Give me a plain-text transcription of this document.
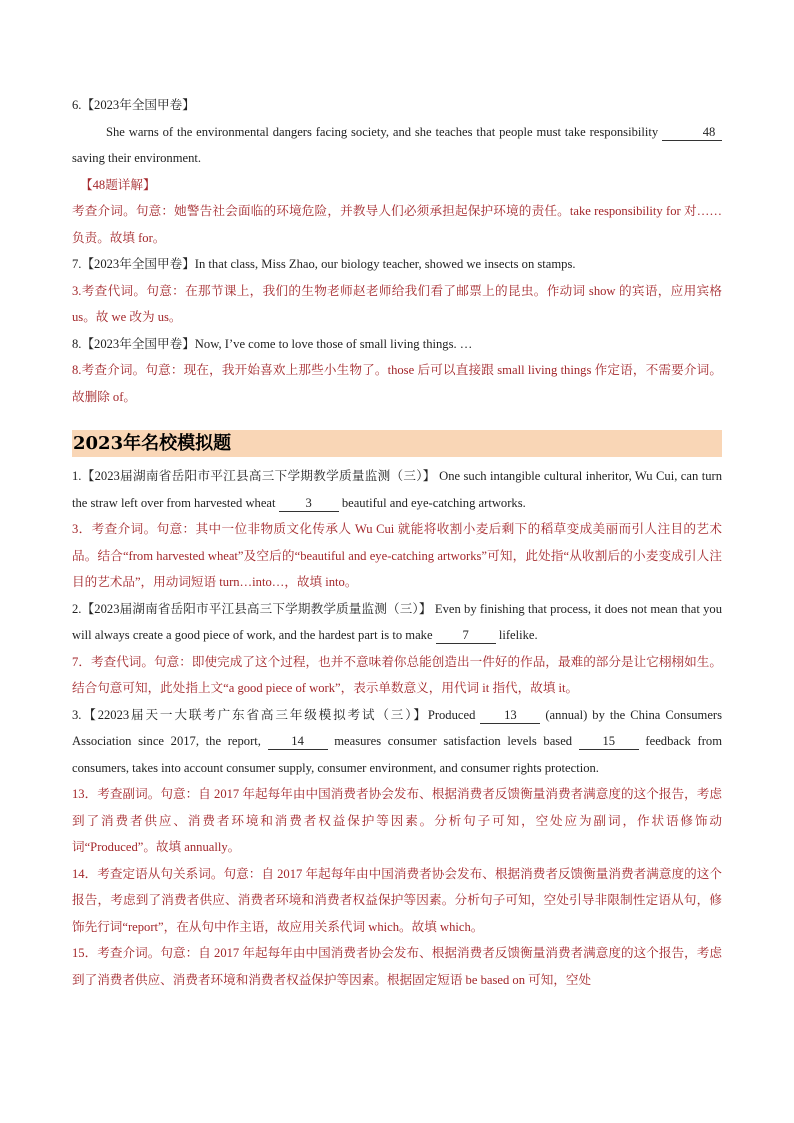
6.【2023年全国甲卷】

She warns of the environmental dangers facing society, and she teaches that people must take responsibility	48 saving their environment.

【48题详解】

考查介词。句意：她警告社会面临的环境危险，并教导人们必须承担起保护环境的责任。take responsibility for 对……负责。故填 for。

7.【2023年全国甲卷】In that class, Miss Zhao, our biology teacher, showed we insects on stamps.

3.考查代词。句意：在那节课上，我们的生物老师赵老师给我们看了邮票上的昆虫。作动词 show 的宾语，应用宾格 us。故 we 改为 us。

8.【2023年全国甲卷】Now, I’ve come to love those of small living things. …

8.考查介词。句意：现在，我开始喜欢上那些小生物了。those 后可以直接跟 small living things 作定语，不需要介词。故删除 of。

2023年名校模拟题

1.【2023届湖南省岳阳市平江县高三下学期教学质量监测（三）】 One such intangible cultural inheritor, Wu Cui, can turn the straw left over from harvested wheat 3 beautiful and eye-catching artworks.

3．考查介词。句意：其中一位非物质文化传承人 Wu Cui 就能将收割小麦后剩下的稻草变成美丽而引人注目的艺术品。结合“from harvested wheat”及空后的“beautiful and eye-catching artworks”可知，此处指“从收割后的小麦变成引人注目的艺术品”，用动词短语 turn…into…，故填 into。

2.【2023届湖南省岳阳市平江县高三下学期教学质量监测（三）】 Even by finishing that process, it does not mean that you will always create a good piece of work, and the hardest part is to make 7 lifelike.

7．考查代词。句意：即使完成了这个过程，也并不意味着你总能创造出一件好的作品，最难的部分是让它栩栩如生。结合句意可知，此处指上文“a good piece of work”，表示单数意义，用代词 it 指代，故填 it。

3.【22023届天一大联考广东省高三年级模拟考试（三）】Produced 13 (annual) by the China Consumers Association since 2017, the report, 14 measures consumer satisfaction levels based 15 feedback from consumers, takes into account consumer supply, consumer environment, and consumer rights protection.

13．考查副词。句意：自 2017 年起每年由中国消费者协会发布、根据消费者反馈衡量消费者满意度的这个报告，考虑到了消费者供应、消费者环境和消费者权益保护等因素。分析句子可知，空处应为副词，作状语修饰动词“Produced”。故填 annually。

14．考查定语从句关系词。句意：自 2017 年起每年由中国消费者协会发布、根据消费者反馈衡量消费者满意度的这个报告，考虑到了消费者供应、消费者环境和消费者权益保护等因素。分析句子可知，空处引导非限制性定语从句，修饰先行词“report”，在从句中作主语，故应用关系代词 which。故填 which。

15．考查介词。句意：自 2017 年起每年由中国消费者协会发布、根据消费者反馈衡量消费者满意度的这个报告，考虑到了消费者供应、消费者环境和消费者权益保护等因素。根据固定短语 be based on 可知，空处
